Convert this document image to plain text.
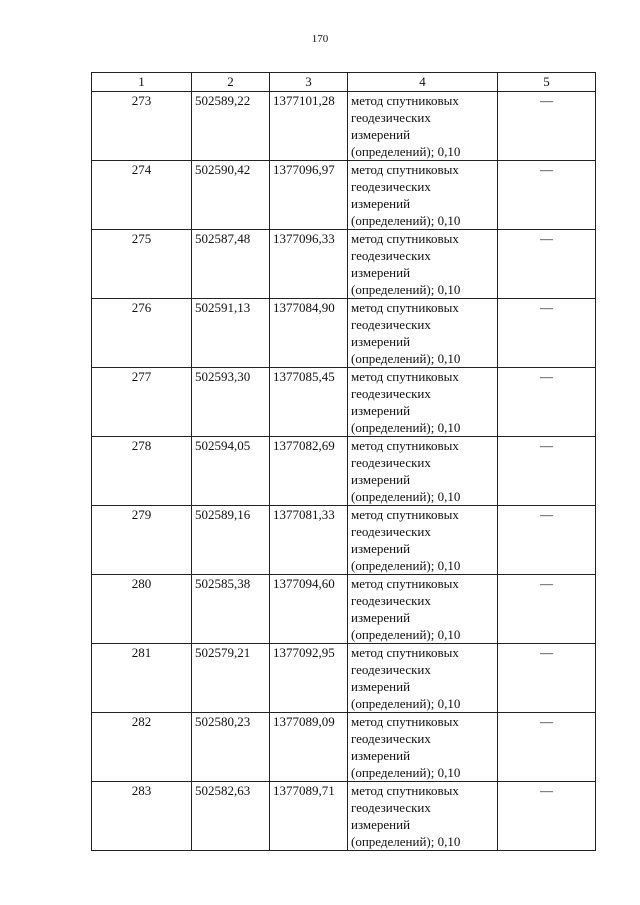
170
1	2	3	4	5
273	502589,22	1377101,28	метод спутниковых геодезических измерений (определений); 0,10	—
274	502590,42	1377096,97	метод спутниковых геодезических измерений (определений); 0,10	—
275	502587,48	1377096,33	метод спутниковых геодезических измерений (определений); 0,10	—
276	502591,13	1377084,90	метод спутниковых геодезических измерений (определений); 0,10	—
277	502593,30	1377085,45	метод спутниковых геодезических измерений (определений); 0,10	—
278	502594,05	1377082,69	метод спутниковых геодезических измерений (определений); 0,10	—
279	502589,16	1377081,33	метод спутниковых геодезических измерений (определений); 0,10	—
280	502585,38	1377094,60	метод спутниковых геодезических измерений (определений); 0,10	—
281	502579,21	1377092,95	метод спутниковых геодезических измерений (определений); 0,10	—
282	502580,23	1377089,09	метод спутниковых геодезических измерений (определений); 0,10	—
283	502582,63	1377089,71	метод спутниковых геодезических измерений (определений); 0,10	—
